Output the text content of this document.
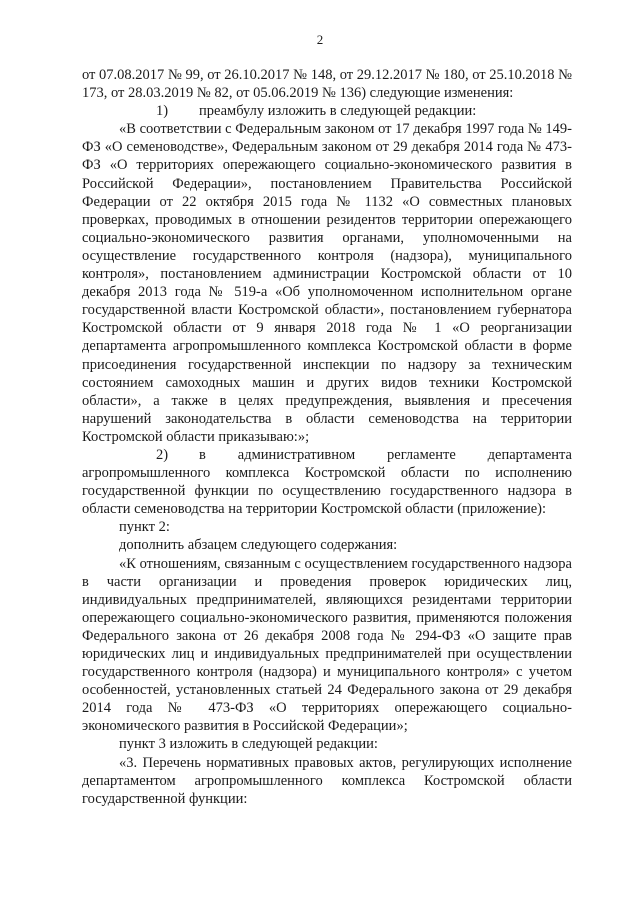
2

от 07.08.2017 № 99, от 26.10.2017 № 148, от 29.12.2017 № 180, от 25.10.2018 № 173, от 28.03.2019 № 82, от 05.06.2019 № 136) следующие изменения:

1) преамбулу изложить в следующей редакции:

«В соответствии с Федеральным законом от 17 декабря 1997 года № 149-ФЗ «О семеноводстве», Федеральным законом от 29 декабря 2014 года № 473-ФЗ «О территориях опережающего социально-экономического развития в Российской Федерации», постановлением Правительства Российской Федерации от 22 октября 2015 года № 1132 «О совместных плановых проверках, проводимых в отношении резидентов территории опережающего социально-экономического развития органами, уполномоченными на осуществление государственного контроля (надзора), муниципального контроля», постановлением администрации Костромской области от 10 декабря 2013 года № 519-а «Об уполномоченном исполнительном органе государственной власти Костромской области», постановлением губернатора Костромской области от 9 января 2018 года № 1 «О реорганизации департамента агропромышленного комплекса Костромской области в форме присоединения государственной инспекции по надзору за техническим состоянием самоходных машин и других видов техники Костромской области», а также в целях предупреждения, выявления и пресечения нарушений законодательства в области семеноводства на территории Костромской области приказываю:»;

2) в административном регламенте департамента агропромышленного комплекса Костромской области по исполнению государственной функции по осуществлению государственного надзора в области семеноводства на территории Костромской области (приложение):

пункт 2:

дополнить абзацем следующего содержания:

«К отношениям, связанным с осуществлением государственного надзора в части организации и проведения проверок юридических лиц, индивидуальных предпринимателей, являющихся резидентами территории опережающего социально-экономического развития, применяются положения Федерального закона от 26 декабря 2008 года № 294-ФЗ «О защите прав юридических лиц и индивидуальных предпринимателей при осуществлении государственного контроля (надзора) и муниципального контроля» с учетом особенностей, установленных статьей 24 Федерального закона от 29 декабря 2014 года № 473-ФЗ «О территориях опережающего социально-экономического развития в Российской Федерации»;

пункт 3 изложить в следующей редакции:

«3. Перечень нормативных правовых актов, регулирующих исполнение департаментом агропромышленного комплекса Костромской области государственной функции:
